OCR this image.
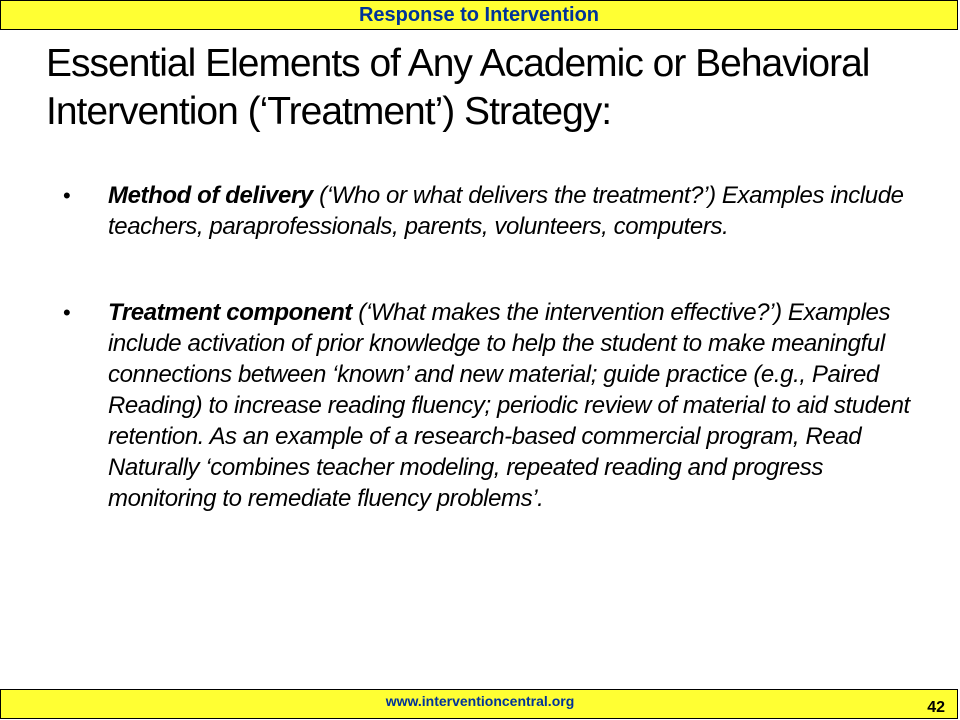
Response to Intervention
Essential Elements of Any Academic or Behavioral
Intervention (‘Treatment’) Strategy:
• Method of delivery (‘Who or what delivers the treatment?’) Examples include teachers, paraprofessionals, parents, volunteers, computers.
• Treatment component (‘What makes the intervention effective?’) Examples include activation of prior knowledge to help the student to make meaningful connections between ‘known’ and new material; guide practice (e.g., Paired Reading) to increase reading fluency; periodic review of material to aid student retention. As an example of a research-based commercial program, Read Naturally ‘combines teacher modeling, repeated reading and progress monitoring to remediate fluency problems’.
www.interventioncentral.org	42
